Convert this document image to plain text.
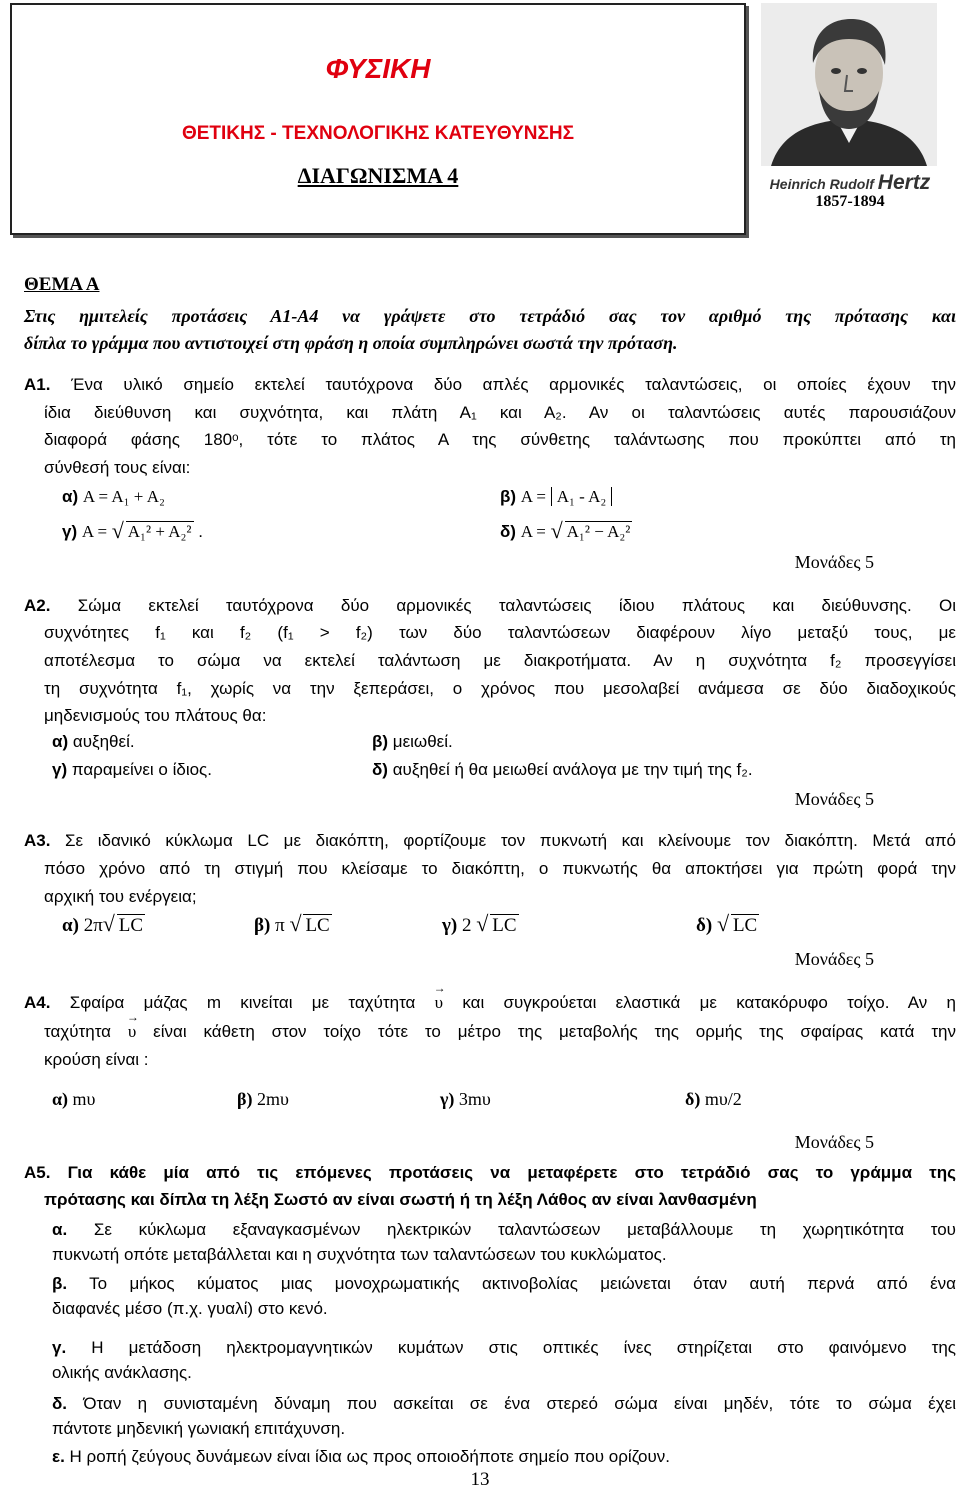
ΦΥΣΙΚΗ
ΘΕΤΙΚΗΣ - ΤΕΧΝΟΛΟΓΙΚΗΣ ΚΑΤΕΥΘΥΝΣΗΣ
ΔΙΑΓΩΝΙΣΜΑ 4	Heinrich Rudolf Hertz
1857-1894
ΘΕΜΑ Α
Στις ημιτελείς προτάσεις Α1-Α4 να γράψετε στο τετράδιό σας τον αριθμό της πρότασης και
δίπλα το γράμμα που αντιστοιχεί στη φράση η οποία συμπληρώνει σωστά την πρόταση.
Α1. Ένα υλικό σημείο εκτελεί ταυτόχρονα δύο απλές αρμονικές ταλαντώσεις, οι οποίες έχουν την
ίδια διεύθυνση και συχνότητα, και πλάτη Α₁ και Α₂. Αν οι ταλαντώσεις αυτές παρουσιάζουν
διαφορά φάσης 180ᵒ, τότε το πλάτος Α της σύνθετης ταλάντωσης που προκύπτει από τη
σύνθεσή τους είναι:
α) Α = Α₁ + Α₂	β) Α = Α₁ - Α₂
γ) Α = √ Α₁² + Α₂² .	δ) Α = √ Α₁² − Α₂²
Μονάδες 5
Α2. Σώμα εκτελεί ταυτόχρονα δύο αρμονικές ταλαντώσεις ίδιου πλάτους και διεύθυνσης. Οι
συχνότητες f₁ και f₂ (f₁ > f₂) των δύο ταλαντώσεων διαφέρουν λίγο μεταξύ τους, με
αποτέλεσμα το σώμα να εκτελεί ταλάντωση με διακροτήματα. Αν η συχνότητα f₂ προσεγγίσει
τη συχνότητα f₁, χωρίς να την ξεπεράσει, ο χρόνος που μεσολαβεί ανάμεσα σε δύο διαδοχικούς
μηδενισμούς του πλάτους θα:
α) αυξηθεί.	β) μειωθεί.
γ) παραμείνει ο ίδιος.	δ) αυξηθεί ή θα μειωθεί ανάλογα με την τιμή της f₂.
Μονάδες 5
Α3. Σε ιδανικό κύκλωμα LC με διακόπτη, φορτίζουμε τον πυκνωτή και κλείνουμε τον διακόπτη. Μετά από
πόσο χρόνο από τη στιγμή που κλείσαμε το διακόπτη, ο πυκνωτής θα αποκτήσει για πρώτη φορά την
αρχική του ενέργεια;
α) 2π √ LC	β) π √ LC	γ) 2 √ LC	δ) √ LC
Μονάδες 5
Α4. Σφαίρα μάζας m κινείται με ταχύτητα → υ και συγκρούεται ελαστικά με κατακόρυφο τοίχο. Αν η
ταχύτητα → υ είναι κάθετη στον τοίχο τότε το μέτρο της μεταβολής της ορμής της σφαίρας κατά την
κρούση είναι :
α) mυ	β) 2mυ	γ) 3mυ	δ) mυ/2
Μονάδες 5
Α5. Για κάθε μία από τις επόμενες προτάσεις να μεταφέρετε στο τετράδιό σας το γράμμα της
πρότασης και δίπλα τη λέξη Σωστό αν είναι σωστή ή τη λέξη Λάθος αν είναι λανθασμένη
α. Σε κύκλωμα εξαναγκασμένων ηλεκτρικών ταλαντώσεων μεταβάλλουμε τη χωρητικότητα του
πυκνωτή οπότε μεταβάλλεται και η συχνότητα των ταλαντώσεων του κυκλώματος.
β. Το μήκος κύματος μιας μονοχρωματικής ακτινοβολίας μειώνεται όταν αυτή περνά από ένα
διαφανές μέσο (π.χ. γυαλί) στο κενό.
γ. Η μετάδοση ηλεκτρομαγνητικών κυμάτων στις οπτικές ίνες στηρίζεται στο φαινόμενο της
ολικής ανάκλασης.
δ. Όταν η συνισταμένη δύναμη που ασκείται σε ένα στερεό σώμα είναι μηδέν, τότε το σώμα έχει
πάντοτε μηδενική γωνιακή επιτάχυνση.
ε. Η ροπή ζεύγους δυνάμεων είναι ίδια ως προς οποιοδήποτε σημείο που ορίζουν.
13
